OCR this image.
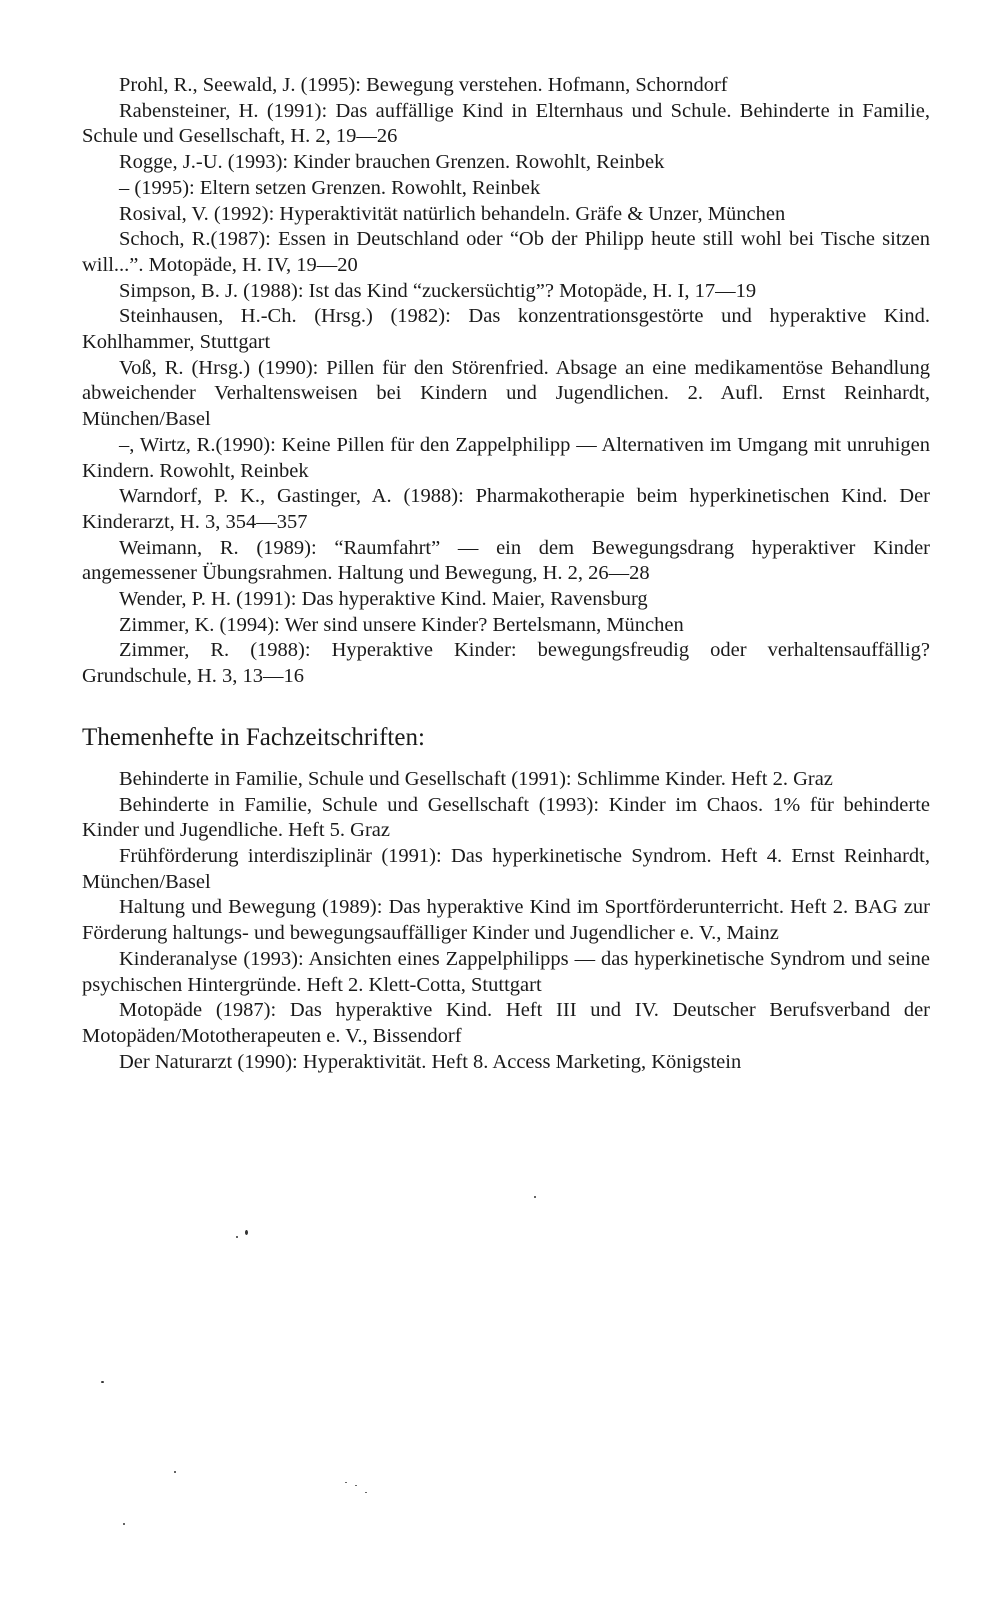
Prohl, R., Seewald, J. (1995): Bewegung verstehen. Hofmann, Schorndorf

Rabensteiner, H. (1991): Das auffällige Kind in Elternhaus und Schule. Behinderte in Familie, Schule und Gesellschaft, H. 2, 19—26

Rogge, J.-U. (1993): Kinder brauchen Grenzen. Rowohlt, Reinbek

– (1995): Eltern setzen Grenzen. Rowohlt, Reinbek

Rosival, V. (1992): Hyperaktivität natürlich behandeln. Gräfe & Unzer, München

Schoch, R.(1987): Essen in Deutschland oder “Ob der Philipp heute still wohl bei Tische sitzen will...”. Motopäde, H. IV, 19—20

Simpson, B. J. (1988): Ist das Kind “zuckersüchtig”? Motopäde, H. I, 17—19

Steinhausen, H.-Ch. (Hrsg.) (1982): Das konzentrationsgestörte und hyperaktive Kind. Kohlhammer, Stuttgart

Voß, R. (Hrsg.) (1990): Pillen für den Störenfried. Absage an eine medikamentöse Behandlung abweichender Verhaltensweisen bei Kindern und Jugendlichen. 2. Aufl. Ernst Reinhardt, München/Basel

–, Wirtz, R.(1990): Keine Pillen für den Zappelphilipp — Alternativen im Umgang mit unruhigen Kindern. Rowohlt, Reinbek

Warndorf, P. K., Gastinger, A. (1988): Pharmakotherapie beim hyperkinetischen Kind. Der Kinderarzt, H. 3, 354—357

Weimann, R. (1989): “Raumfahrt” — ein dem Bewegungsdrang hyperaktiver Kinder angemessener Übungsrahmen. Haltung und Bewegung, H. 2, 26—28

Wender, P. H. (1991): Das hyperaktive Kind. Maier, Ravensburg

Zimmer, K. (1994): Wer sind unsere Kinder? Bertelsmann, München

Zimmer, R. (1988): Hyperaktive Kinder: bewegungsfreudig oder verhaltensauffällig? Grundschule, H. 3, 13—16

Themenhefte in Fachzeitschriften:

Behinderte in Familie, Schule und Gesellschaft (1991): Schlimme Kinder. Heft 2. Graz

Behinderte in Familie, Schule und Gesellschaft (1993): Kinder im Chaos. 1% für behinderte Kinder und Jugendliche. Heft 5. Graz

Frühförderung interdisziplinär (1991): Das hyperkinetische Syndrom. Heft 4. Ernst Reinhardt, München/Basel

Haltung und Bewegung (1989): Das hyperaktive Kind im Sportförderunterricht. Heft 2. BAG zur Förderung haltungs- und bewegungsauffälliger Kinder und Jugendlicher e. V., Mainz

Kinderanalyse (1993): Ansichten eines Zappelphilipps — das hyperkinetische Syndrom und seine psychischen Hintergründe. Heft 2. Klett-Cotta, Stuttgart

Motopäde (1987): Das hyperaktive Kind. Heft III und IV. Deutscher Berufsverband der Motopäden/Mototherapeuten e. V., Bissendorf

Der Naturarzt (1990): Hyperaktivität. Heft 8. Access Marketing, Königstein
